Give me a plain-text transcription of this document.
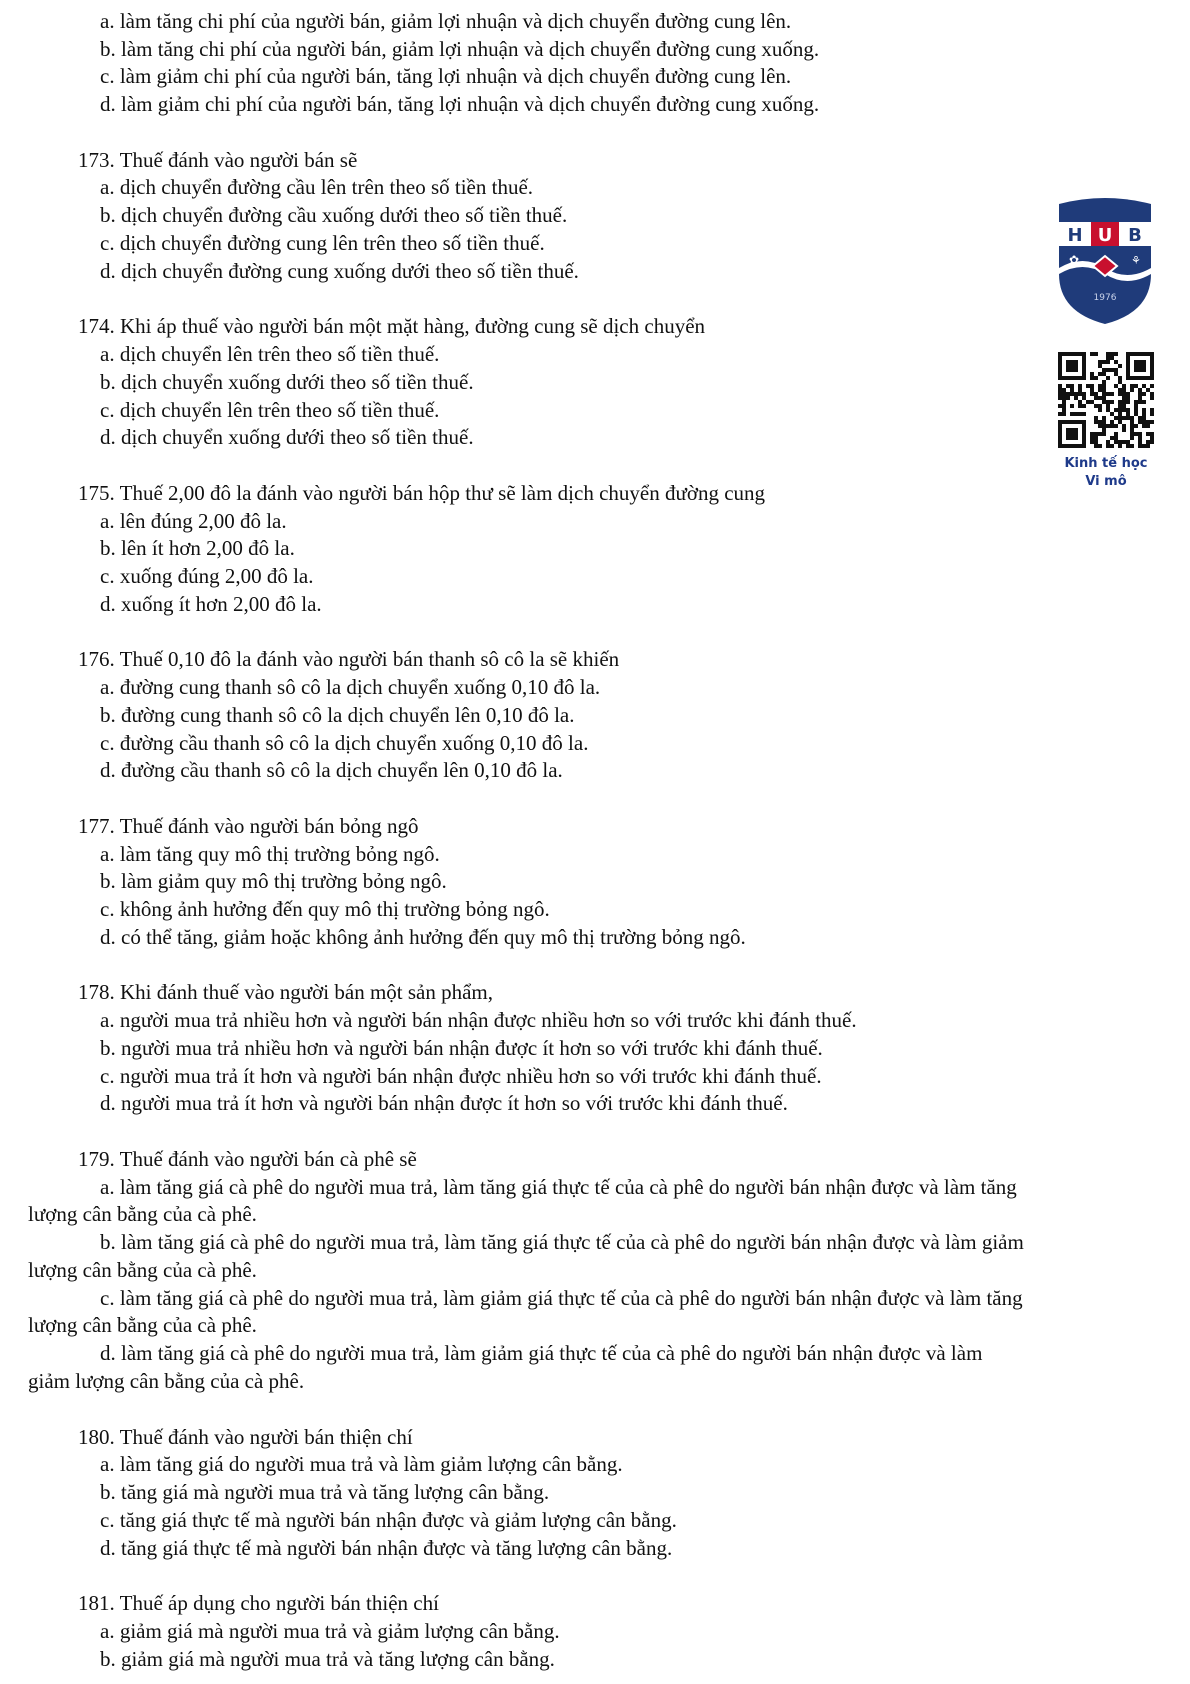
a. làm tăng chi phí của người bán, giảm lợi nhuận và dịch chuyển đường cung lên.
b. làm tăng chi phí của người bán, giảm lợi nhuận và dịch chuyển đường cung xuống.
c. làm giảm chi phí của người bán, tăng lợi nhuận và dịch chuyển đường cung lên.
d. làm giảm chi phí của người bán, tăng lợi nhuận và dịch chuyển đường cung xuống.
173. Thuế đánh vào người bán sẽ
a. dịch chuyển đường cầu lên trên theo số tiền thuế.
b. dịch chuyển đường cầu xuống dưới theo số tiền thuế.
c. dịch chuyển đường cung lên trên theo số tiền thuế.
d. dịch chuyển đường cung xuống dưới theo số tiền thuế.
174. Khi áp thuế vào người bán một mặt hàng, đường cung sẽ dịch chuyển
a. dịch chuyển lên trên theo số tiền thuế.
b. dịch chuyển xuống dưới theo số tiền thuế.
c. dịch chuyển lên trên theo số tiền thuế.
d. dịch chuyển xuống dưới theo số tiền thuế.
175. Thuế 2,00 đô la đánh vào người bán hộp thư sẽ làm dịch chuyển đường cung
a. lên đúng 2,00 đô la.
b. lên ít hơn 2,00 đô la.
c. xuống đúng 2,00 đô la.
d. xuống ít hơn 2,00 đô la.
176. Thuế 0,10 đô la đánh vào người bán thanh sô cô la sẽ khiến
a. đường cung thanh sô cô la dịch chuyển xuống 0,10 đô la.
b. đường cung thanh sô cô la dịch chuyển lên 0,10 đô la.
c. đường cầu thanh sô cô la dịch chuyển xuống 0,10 đô la.
d. đường cầu thanh sô cô la dịch chuyển lên 0,10 đô la.
177. Thuế đánh vào người bán bỏng ngô
a. làm tăng quy mô thị trường bỏng ngô.
b. làm giảm quy mô thị trường bỏng ngô.
c. không ảnh hưởng đến quy mô thị trường bỏng ngô.
d. có thể tăng, giảm hoặc không ảnh hưởng đến quy mô thị trường bỏng ngô.
178. Khi đánh thuế vào người bán một sản phẩm,
a. người mua trả nhiều hơn và người bán nhận được nhiều hơn so với trước khi đánh thuế.
b. người mua trả nhiều hơn và người bán nhận được ít hơn so với trước khi đánh thuế.
c. người mua trả ít hơn và người bán nhận được nhiều hơn so với trước khi đánh thuế.
d. người mua trả ít hơn và người bán nhận được ít hơn so với trước khi đánh thuế.
179. Thuế đánh vào người bán cà phê sẽ
a. làm tăng giá cà phê do người mua trả, làm tăng giá thực tế của cà phê do người bán nhận được và làm tăng
lượng cân bằng của cà phê.
b. làm tăng giá cà phê do người mua trả, làm tăng giá thực tế của cà phê do người bán nhận được và làm giảm
lượng cân bằng của cà phê.
c. làm tăng giá cà phê do người mua trả, làm giảm giá thực tế của cà phê do người bán nhận được và làm tăng
lượng cân bằng của cà phê.
d. làm tăng giá cà phê do người mua trả, làm giảm giá thực tế của cà phê do người bán nhận được và làm
giảm lượng cân bằng của cà phê.
180. Thuế đánh vào người bán thiện chí
a. làm tăng giá do người mua trả và làm giảm lượng cân bằng.
b. tăng giá mà người mua trả và tăng lượng cân bằng.
c. tăng giá thực tế mà người bán nhận được và giảm lượng cân bằng.
d. tăng giá thực tế mà người bán nhận được và tăng lượng cân bằng.
181. Thuế áp dụng cho người bán thiện chí
a. giảm giá mà người mua trả và giảm lượng cân bằng.
b. giảm giá mà người mua trả và tăng lượng cân bằng.
H U B
✿	⚘
1976
Kinh tế học
Vi mô
